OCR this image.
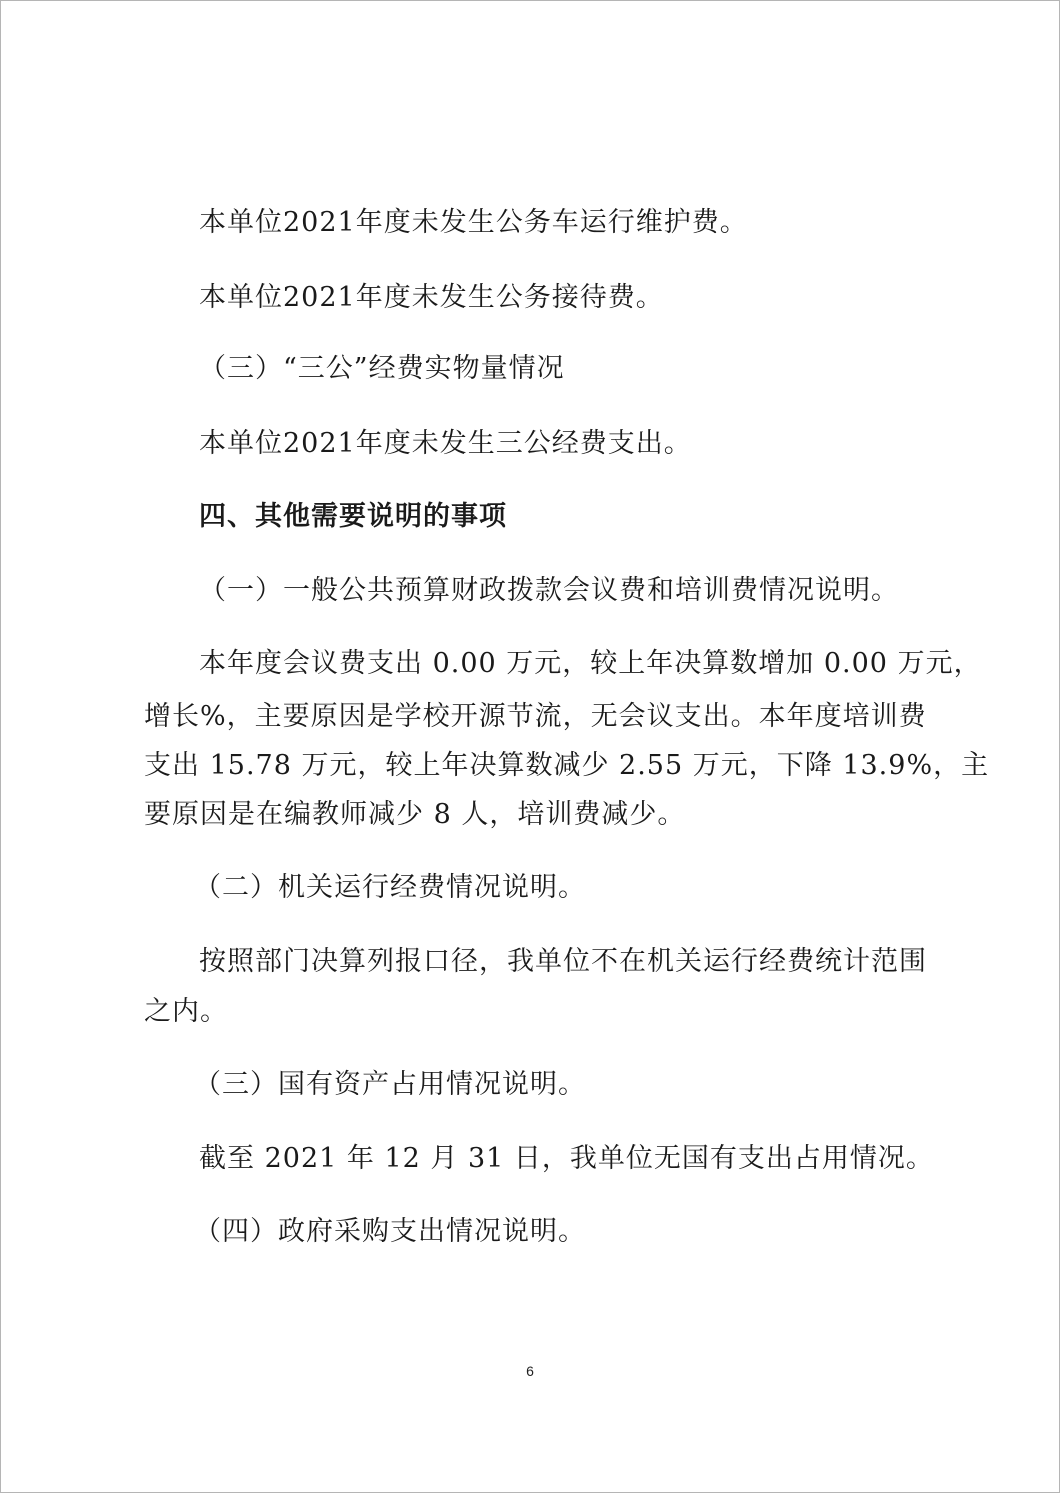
本单位2021年度未发生公务车运行维护费。
本单位2021年度未发生公务接待费。
（三）“三公”经费实物量情况
本单位2021年度未发生三公经费支出。
四、其他需要说明的事项
（一）一般公共预算财政拨款会议费和培训费情况说明。
本年度会议费支出 0.00 万元，较上年决算数增加 0.00 万元，
增长%，主要原因是学校开源节流，无会议支出。本年度培训费
支出 15.78 万元，较上年决算数减少 2.55 万元，下降 13.9%，主
要原因是在编教师减少 8 人，培训费减少。
（二）机关运行经费情况说明。
按照部门决算列报口径，我单位不在机关运行经费统计范围
之内。
（三）国有资产占用情况说明。
截至 2021 年 12 月 31 日，我单位无国有支出占用情况。
（四）政府采购支出情况说明。
6
